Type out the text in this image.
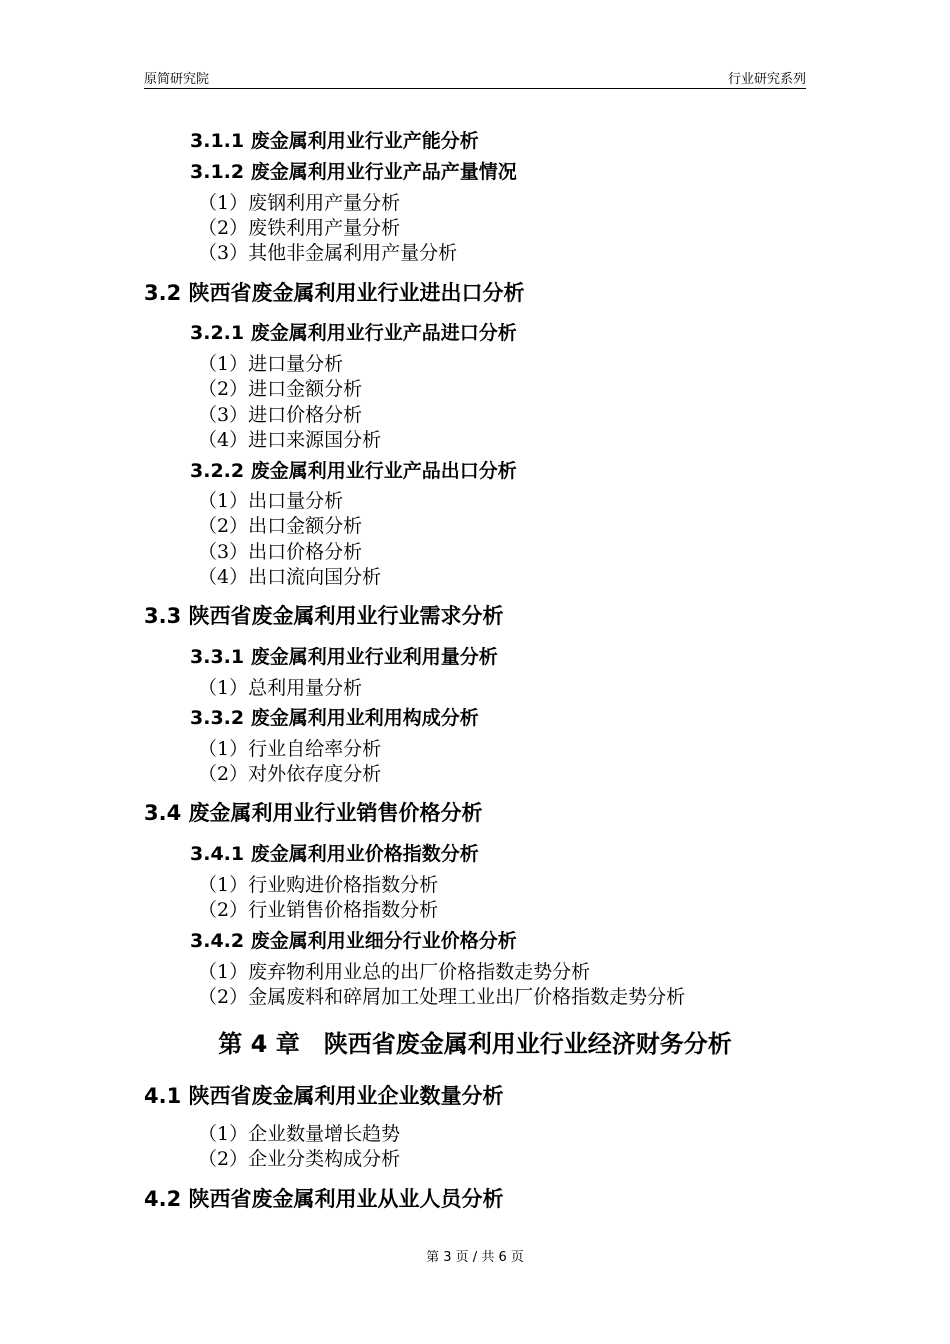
原简研究院	行业研究系列
3.1.1 废金属利用业行业产能分析
3.1.2 废金属利用业行业产品产量情况
（1）废钢利用产量分析
（2）废铁利用产量分析
（3）其他非金属利用产量分析
3.2 陕西省废金属利用业行业进出口分析
3.2.1 废金属利用业行业产品进口分析
（1）进口量分析
（2）进口金额分析
（3）进口价格分析
（4）进口来源国分析
3.2.2 废金属利用业行业产品出口分析
（1）出口量分析
（2）出口金额分析
（3）出口价格分析
（4）出口流向国分析
3.3 陕西省废金属利用业行业需求分析
3.3.1 废金属利用业行业利用量分析
（1）总利用量分析
3.3.2 废金属利用业利用构成分析
（1）行业自给率分析
（2）对外依存度分析
3.4 废金属利用业行业销售价格分析
3.4.1 废金属利用业价格指数分析
（1）行业购进价格指数分析
（2）行业销售价格指数分析
3.4.2 废金属利用业细分行业价格分析
（1）废弃物利用业总的出厂价格指数走势分析
（2）金属废料和碎屑加工处理工业出厂价格指数走势分析
第 4 章　陕西省废金属利用业行业经济财务分析
4.1 陕西省废金属利用业企业数量分析
（1）企业数量增长趋势
（2）企业分类构成分析
4.2 陕西省废金属利用业从业人员分析
第 3 页 / 共 6 页
